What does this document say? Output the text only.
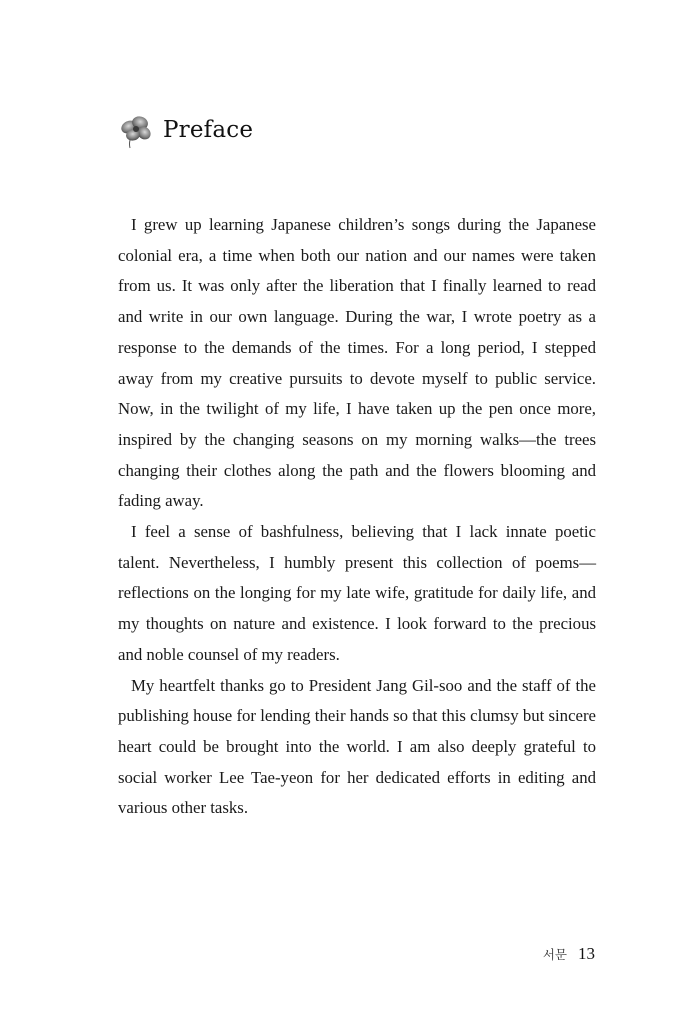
Preface

I grew up learning Japanese children’s songs during the Japanese colonial era, a time when both our nation and our names were taken from us. It was only after the liberation that I finally learned to read and write in our own language. During the war, I wrote poetry as a response to the demands of the times. For a long period, I stepped away from my creative pursuits to devote myself to public service. Now, in the twilight of my life, I have taken up the pen once more, inspired by the changing seasons on my morning walks—the trees changing their clothes along the path and the flowers blooming and fading away.

I feel a sense of bashfulness, believing that I lack innate poetic talent. Nevertheless, I humbly present this collection of poems—reflections on the longing for my late wife, gratitude for daily life, and my thoughts on nature and existence. I look forward to the precious and noble counsel of my readers.

My heartfelt thanks go to President Jang Gil-soo and the staff of the publishing house for lending their hands so that this clumsy but sincere heart could be brought into the world. I am also deeply grateful to social worker Lee Tae-yeon for her dedicated efforts in editing and various other tasks.

서문 13
